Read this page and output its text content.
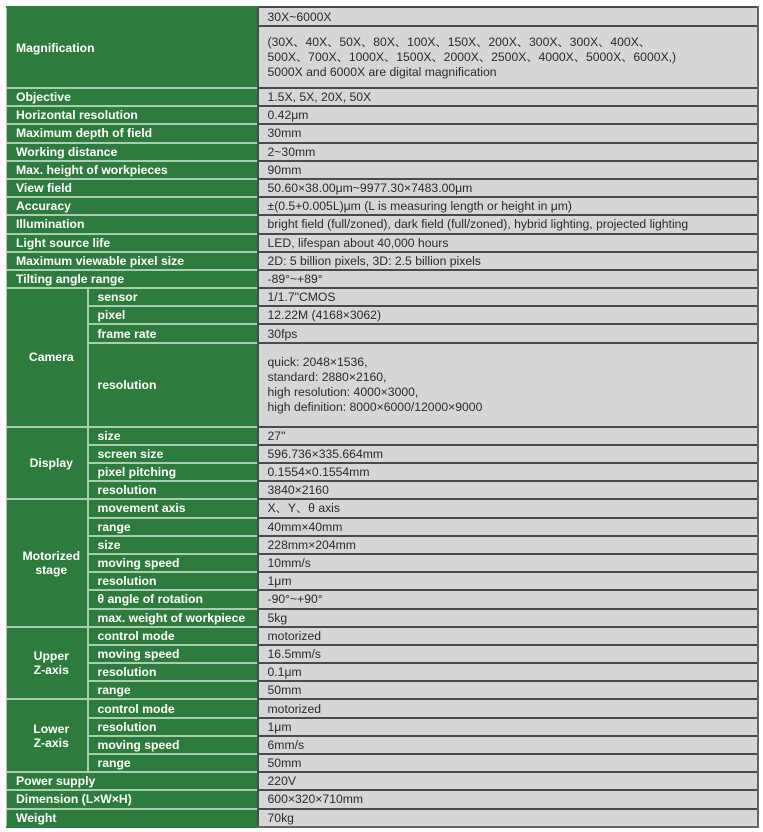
Magnification		30X~6000X

		(30X、40X、50X、80X、100X、150X、200X、300X、300X、400X、
500X、700X、1000X、1500X、2000X、2500X、4000X、5000X、6000X,)
5000X and 6000X are digital magnification

Objective		1.5X, 5X, 20X, 50X
Horizontal resolution		0.42μm
Maximum depth of field		30mm
Working distance		2~30mm
Max. height of workpieces		90mm
View field		50.60×38.00μm~9977.30×7483.00μm
Accuracy		±(0.5+0.005L)μm (L is measuring length or height in μm)
Illumination		bright field (full/zoned), dark field (full/zoned), hybrid lighting, projected lighting
Light source life		LED, lifespan about 40,000 hours
Maximum viewable pixel size		2D: 5 billion pixels, 3D: 2.5 billion pixels
Tilting angle range		-89°~+89°
Camera	sensor	1/1.7"CMOS
	pixel	12.22M (4168×3062)
	frame rate	30fps
	resolution	quick: 2048×1536,
standard: 2880×2160,
high resolution: 4000×3000,
high definition: 8000×6000/12000×9000

Display	size	27"
	screen size	596.736×335.664mm
	pixel pitching	0.1554×0.1554mm
	resolution	3840×2160

Motorized
stage	movement axis	X、Y、θ axis
	range	40mm×40mm
	size	228mm×204mm
	moving speed	10mm/s
	resolution	1μm
	θ angle of rotation	-90°~+90°
	max. weight of workpiece	5kg

Upper
Z-axis	control mode	motorized
	moving speed	16.5mm/s
	resolution	0.1μm
	range	50mm

Lower
Z-axis	control mode	motorized
	resolution	1μm
	moving speed	6mm/s
	range	50mm
Power supply		220V
Dimension (L×W×H)		600×320×710mm
Weight		70kg
